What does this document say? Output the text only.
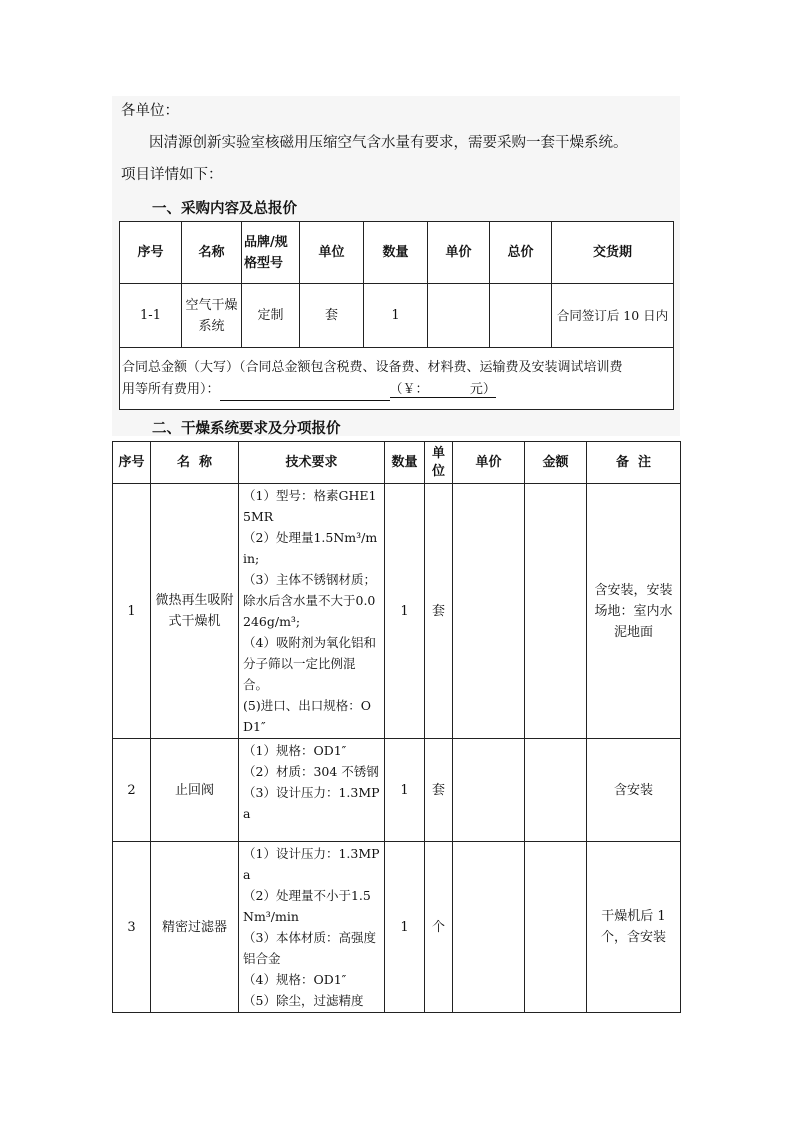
各单位：
因清源创新实验室核磁用压缩空气含水量有要求，需要采购一套干燥系统。
项目详情如下：
一、采购内容及总报价
序号	名称	品牌/规格型号	单位	数量	单价	总价	交货期
1-1	空气干燥系统	定制	套	1			合同签订后 10 日内

合同总金额（大写）（合同总金额包含税费、设备费、材料费、运输费及安装调试培训费
用等所有费用）： （￥：          元）							
二、干燥系统要求及分项报价
序号	名  称	技术要求	数量	单位	单价	金额	备  注
1	微热再生吸附式干燥机	（1）型号：格素GHE15MR
（2）处理量1.5Nm³/min;
（3）主体不锈钢材质；除水后含水量不大于0.0246g/m³;
（4）吸附剂为氧化铝和分子筛以一定比例混合。
(5)进口、出口规格：OD1″	1	套			含安装，安装场地：室内水泥地面
2	止回阀	（1）规格：OD1″
（2）材质：304 不锈钢
（3）设计压力：1.3MPa	1	套			含安装
3	精密过滤器	（1）设计压力：1.3MPa
（2）处理量不小于1.5Nm³/min
（3）本体材质：高强度铝合金
（4）规格：OD1″
（5）除尘，过滤精度	1	个			干燥机后 1 个，含安装
